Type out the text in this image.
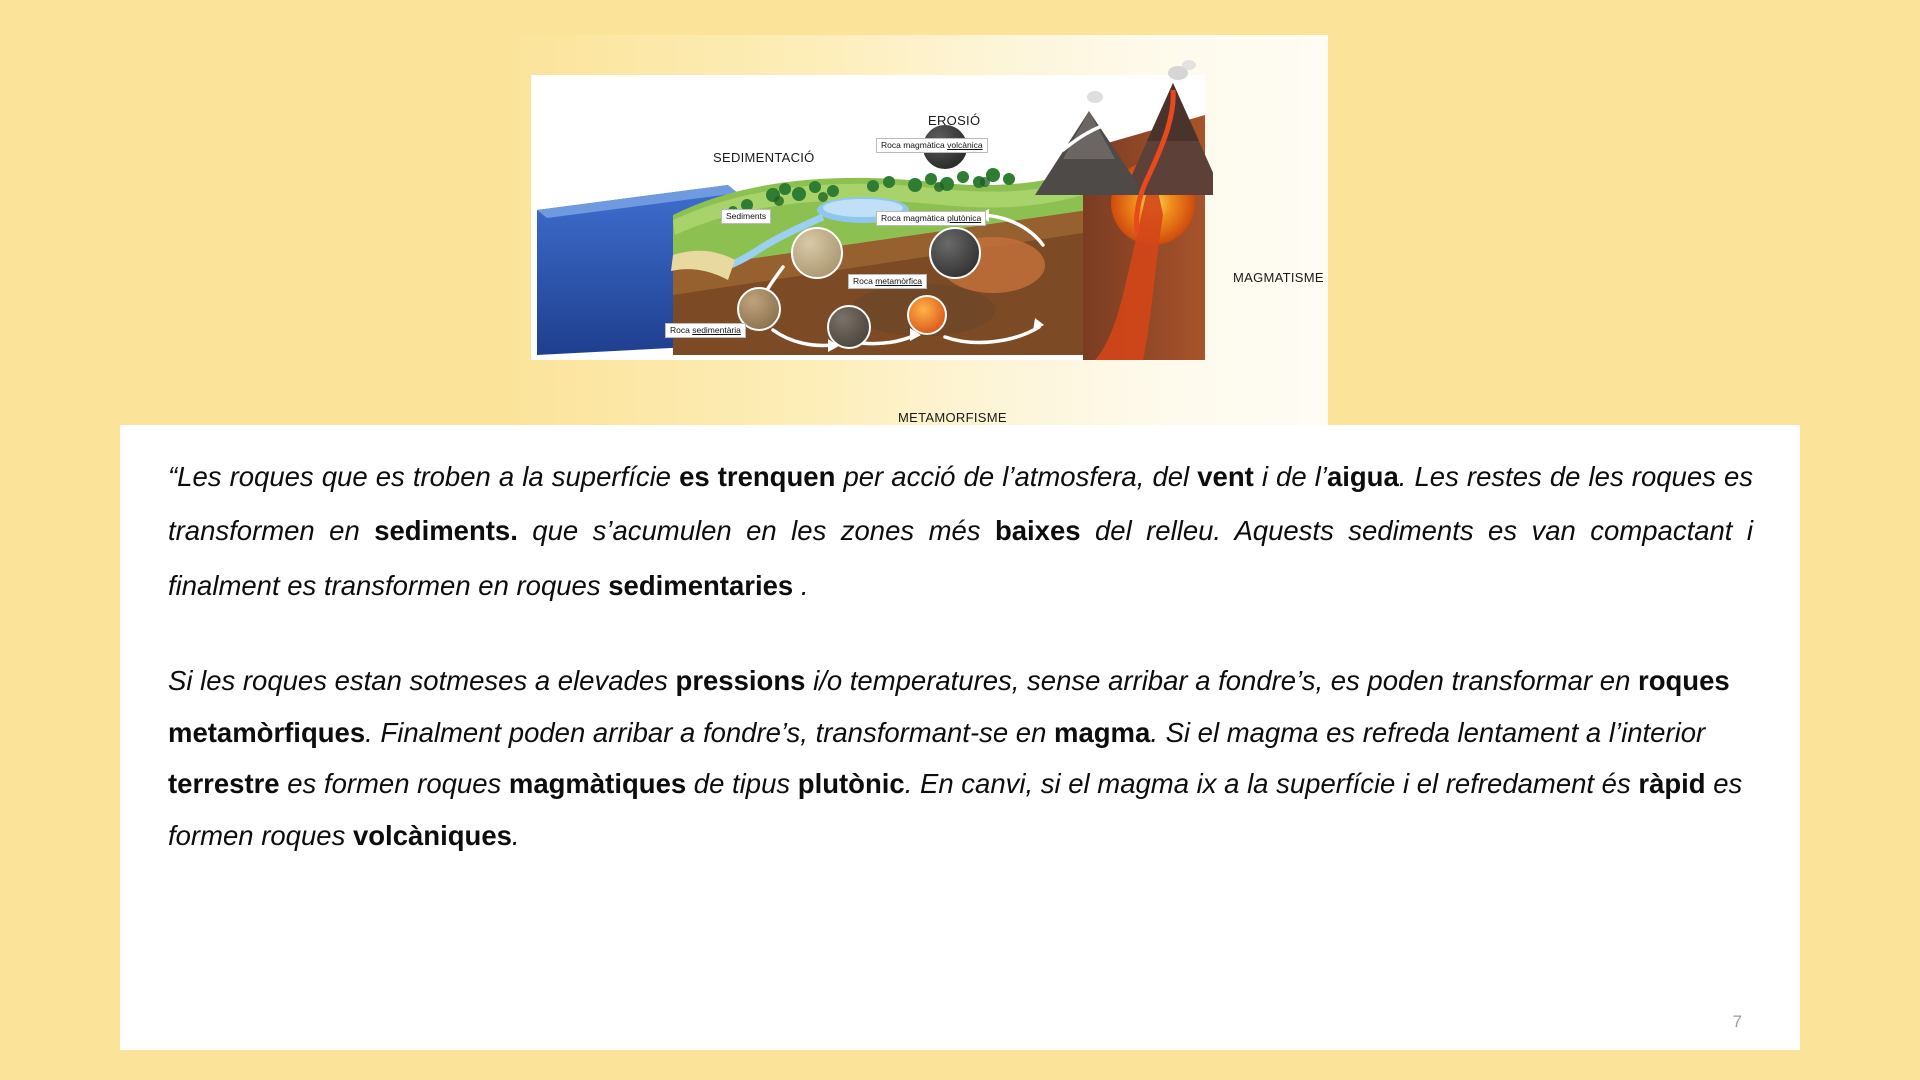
EROSIÓ
SEDIMENTACIÓ
MAGMATISME
METAMORFISME
Sediments
Roca magmàtica volcànica
Roca magmàtica plutònica
Roca metamòrfica
Roca sedimentària
“Les roques que es troben a la superfície es trenquen per acció de l’atmosfera, del vent i de l’aigua. Les restes de les roques es transformen en sediments. que s’acumulen en les zones més baixes del relleu. Aquests sediments es van compactant i finalment es transformen en roques sedimentaries .
Si les roques estan sotmeses a elevades pressions i/o temperatures, sense arribar a fondre’s, es poden transformar en roques metamòrfiques. Finalment poden arribar a fondre’s, transformant-se en magma. Si el magma es refreda lentament a l’interior terrestre es formen roques magmàtiques de tipus plutònic. En canvi, si el magma ix a la superfície i el refredament és ràpid es formen roques volcàniques.
7
